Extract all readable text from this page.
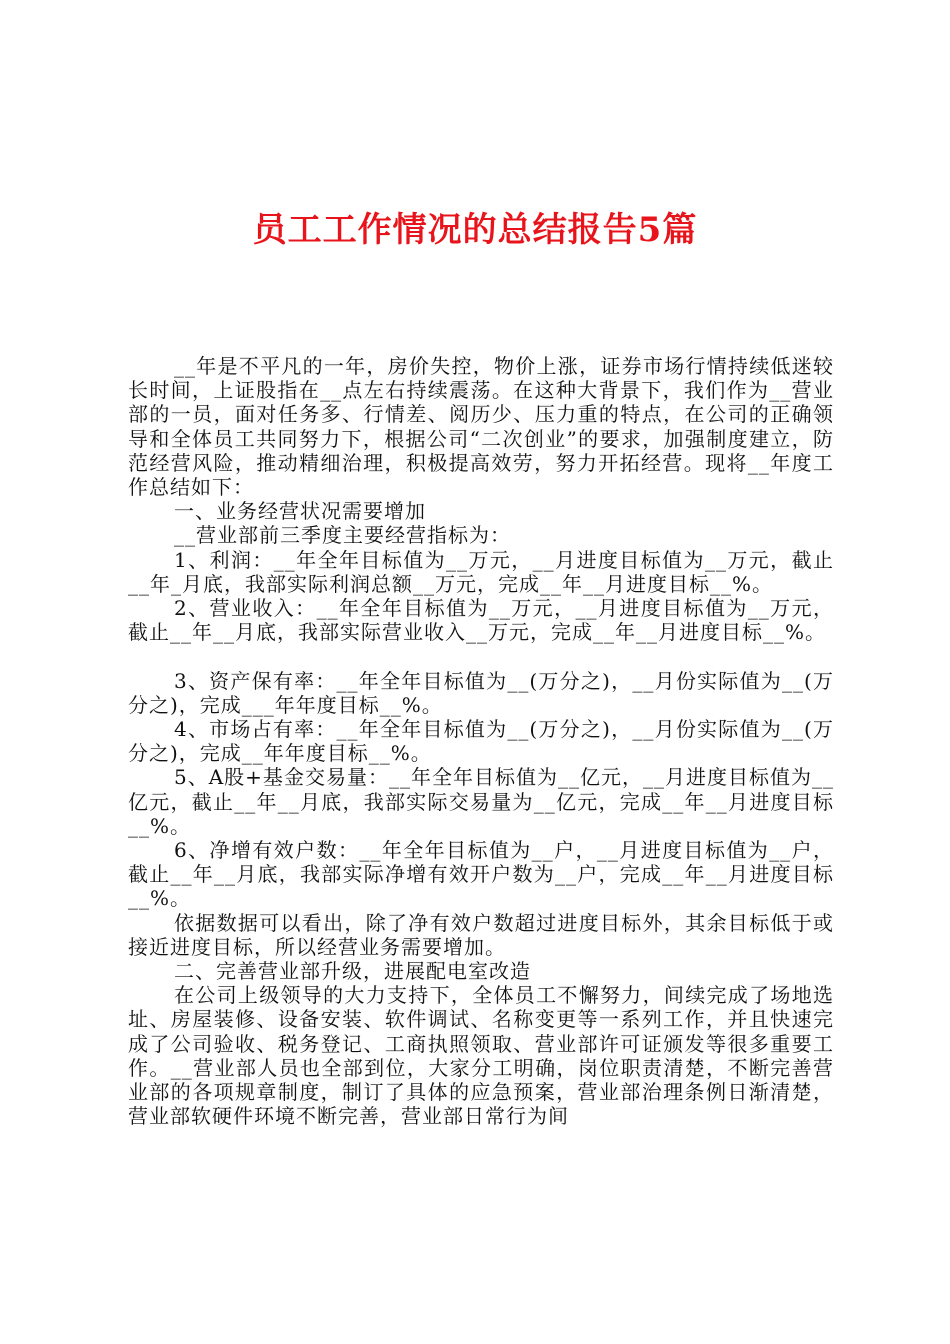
员工工作情况的总结报告5篇

__年是不平凡的一年，房价失控，物价上涨，证券市场行情持续低迷较长时间，上证股指在__点左右持续震荡。在这种大背景下，我们作为__营业部的一员，面对任务多、行情差、阅历少、压力重的特点，在公司的正确领导和全体员工共同努力下，根据公司“二次创业”的要求，加强制度建立，防范经营风险，推动精细治理，积极提高效劳，努力开拓经营。现将__年度工作总结如下：

一、业务经营状况需要增加

__营业部前三季度主要经营指标为：

1、利润：__年全年目标值为__万元，__月进度目标值为__万元，截止__年_月底，我部实际利润总额__万元，完成__年__月进度目标__%。

2、营业收入：__年全年目标值为__万元，__月进度目标值为__万元，截止__年__月底，我部实际营业收入__万元，完成__年__月进度目标__%。

3、资产保有率：__年全年目标值为__(万分之)，__月份实际值为__(万分之)，完成___年年度目标__%。

4、市场占有率：__年全年目标值为__(万分之)，__月份实际值为__(万分之)，完成__年年度目标__%。

5、A股+基金交易量：__年全年目标值为__亿元，__月进度目标值为__亿元，截止__年__月底，我部实际交易量为__亿元，完成__年__月进度目标__%。

6、净增有效户数：__年全年目标值为__户，__月进度目标值为__户，截止__年__月底，我部实际净增有效开户数为__户，完成__年__月进度目标__%。

依据数据可以看出，除了净有效户数超过进度目标外，其余目标低于或接近进度目标，所以经营业务需要增加。

二、完善营业部升级，进展配电室改造

在公司上级领导的大力支持下，全体员工不懈努力，间续完成了场地选址、房屋装修、设备安装、软件调试、名称变更等一系列工作，并且快速完成了公司验收、税务登记、工商执照领取、营业部许可证颁发等很多重要工作。__营业部人员也全部到位，大家分工明确，岗位职责清楚，不断完善营业部的各项规章制度，制订了具体的应急预案，营业部治理条例日渐清楚，营业部软硬件环境不断完善，营业部日常行为间
